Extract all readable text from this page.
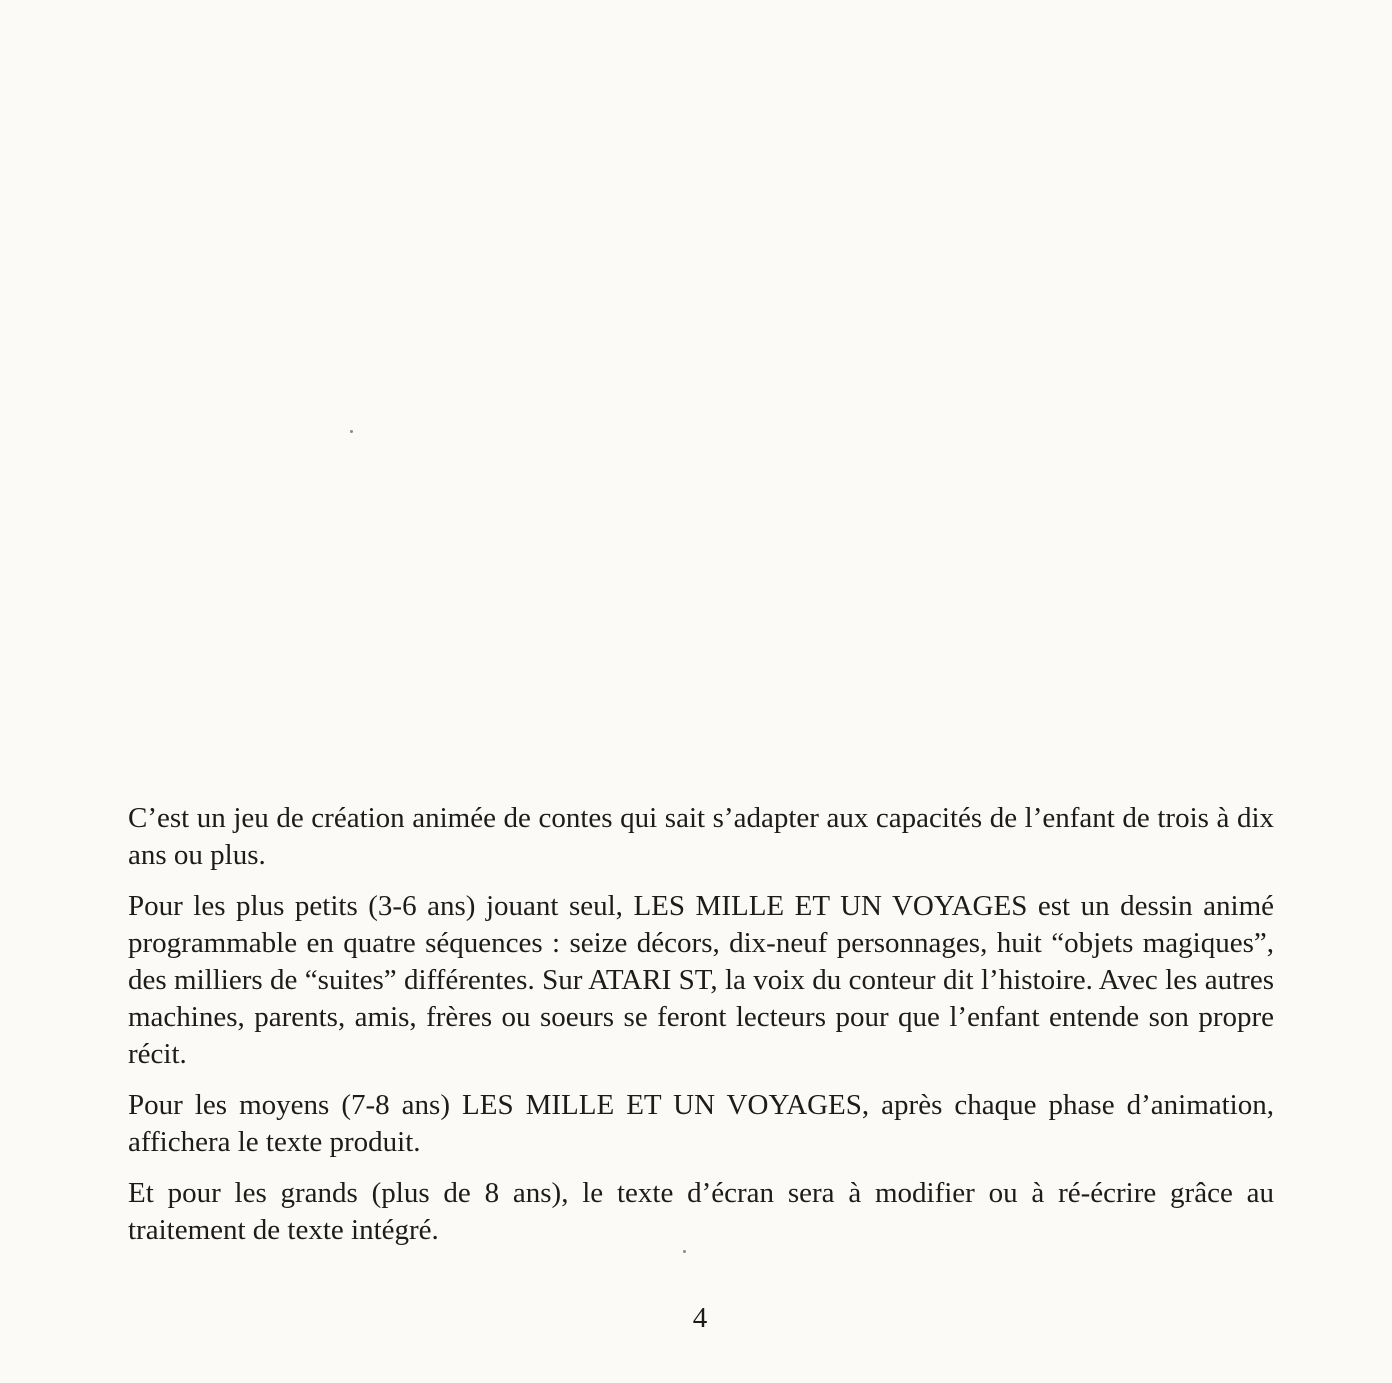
C’est un jeu de création animée de contes qui sait s’adapter aux capacités de l’enfant de trois à dix ans ou plus.

Pour les plus petits (3-6 ans) jouant seul, LES MILLE ET UN VOYAGES est un dessin animé programmable en quatre séquences : seize décors, dix-neuf personnages, huit “objets magiques”, des milliers de “suites” différentes. Sur ATARI ST, la voix du conteur dit l’histoire. Avec les autres machines, parents, amis, frères ou soeurs se feront lecteurs pour que l’enfant entende son propre récit.

Pour les moyens (7-8 ans) LES MILLE ET UN VOYAGES, après chaque phase d’animation, affichera le texte produit.

Et pour les grands (plus de 8 ans), le texte d’écran sera à modifier ou à ré-écrire grâce au traitement de texte intégré.

4
